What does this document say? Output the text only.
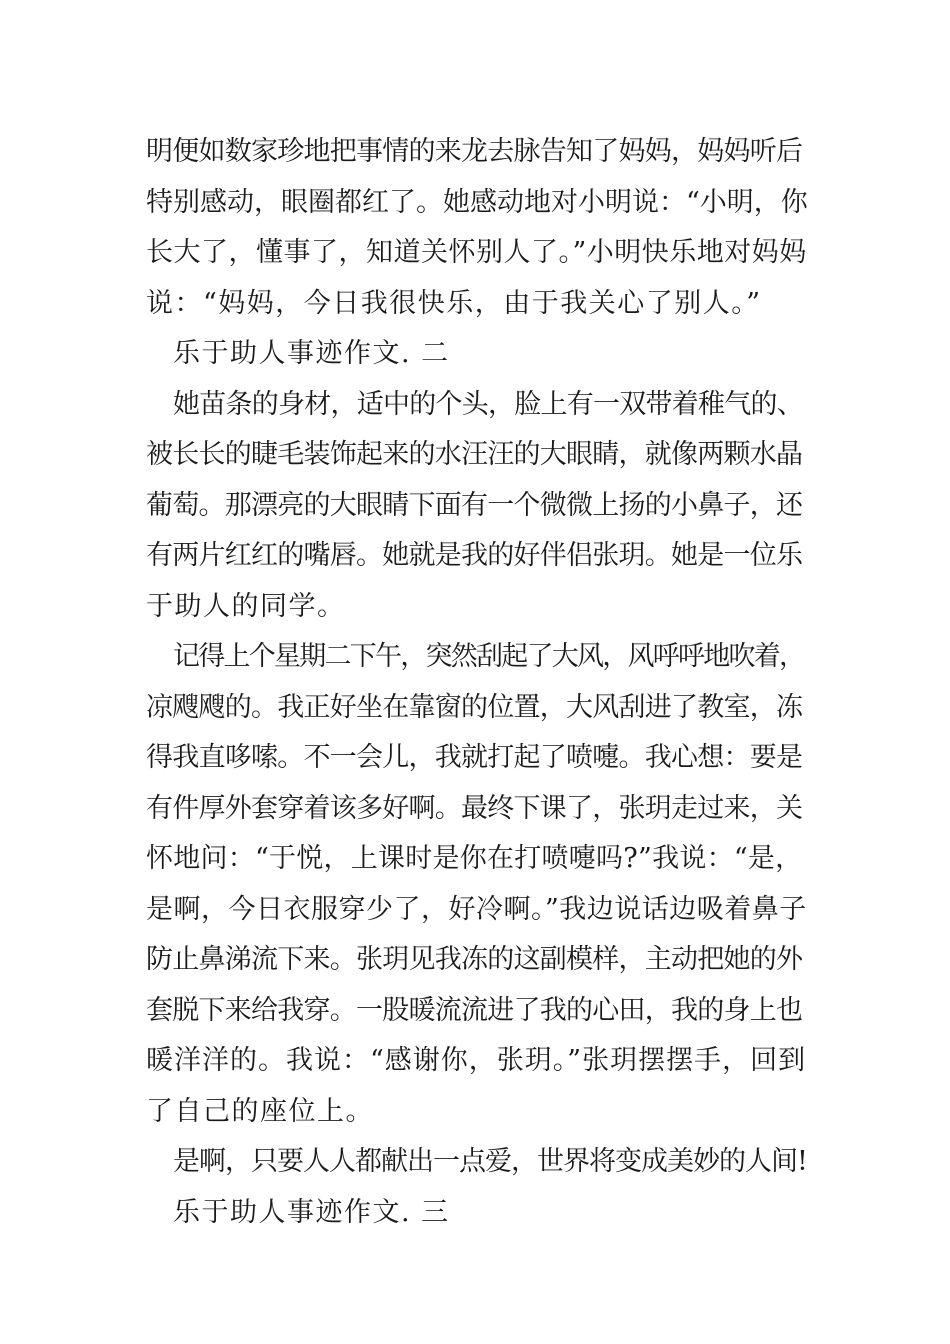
明便如数家珍地把事情的来龙去脉告知了妈妈，妈妈听后
特别感动，眼圈都红了。她感动地对小明说：“小明，你
长大了，懂事了，知道关怀别人了。”小明快乐地对妈妈
说：“妈妈，今日我很快乐，由于我关心了别人。”
乐于助人事迹作文. 二
她苗条的身材，适中的个头，脸上有一双带着稚气的、
被长长的睫毛装饰起来的水汪汪的大眼睛，就像两颗水晶
葡萄。那漂亮的大眼睛下面有一个微微上扬的小鼻子，还
有两片红红的嘴唇。她就是我的好伴侣张玥。她是一位乐
于助人的同学。
记得上个星期二下午，突然刮起了大风，风呼呼地吹着，
凉飕飕的。我正好坐在靠窗的位置，大风刮进了教室，冻
得我直哆嗦。不一会儿，我就打起了喷嚏。我心想：要是
有件厚外套穿着该多好啊。最终下课了，张玥走过来，关
怀地问：“于悦，上课时是你在打喷嚏吗?”我说：“是，
是啊，今日衣服穿少了，好冷啊。”我边说话边吸着鼻子
防止鼻涕流下来。张玥见我冻的这副模样，主动把她的外
套脱下来给我穿。一股暖流流进了我的心田，我的身上也
暖洋洋的。我说：“感谢你，张玥。”张玥摆摆手，回到
了自己的座位上。
是啊，只要人人都献出一点爱，世界将变成美妙的人间!
乐于助人事迹作文. 三
